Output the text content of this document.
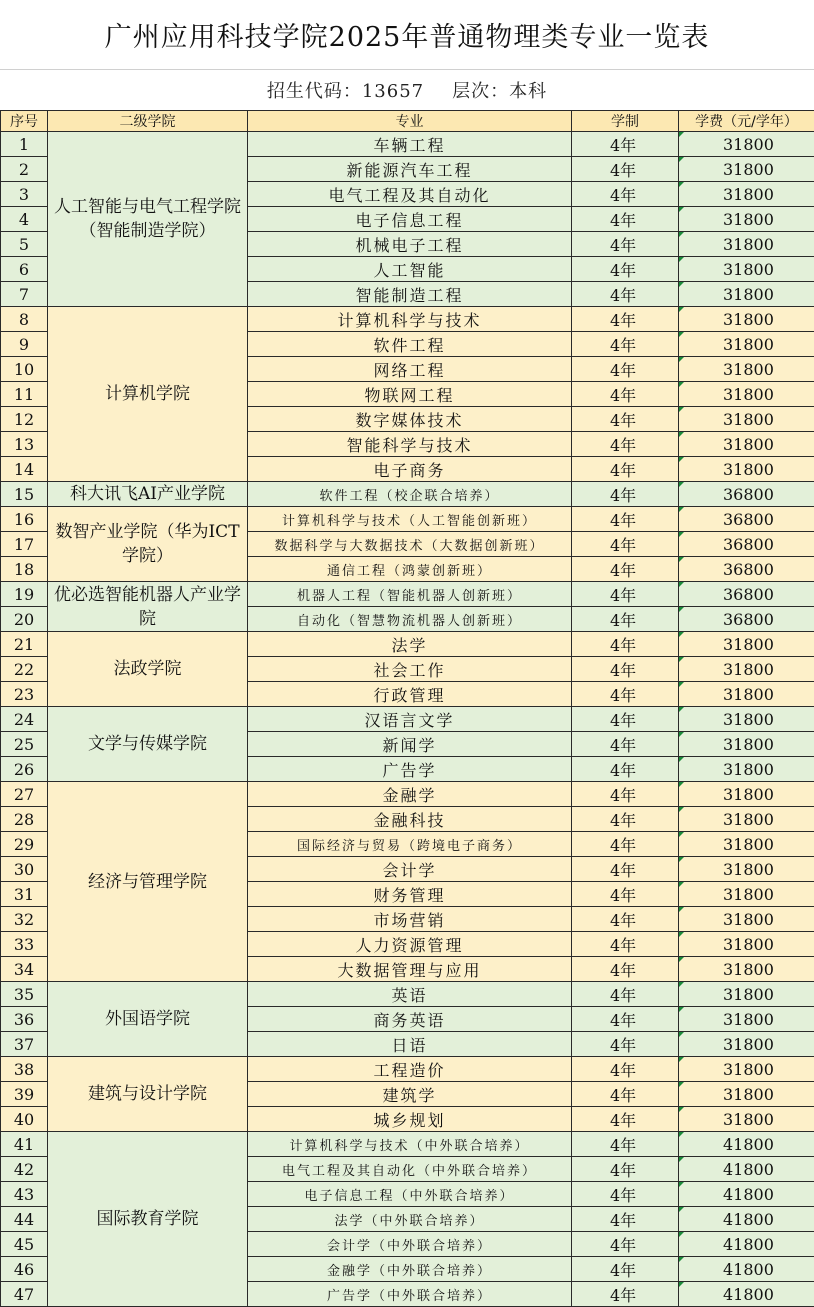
广州应用科技学院2025年普通物理类专业一览表
招生代码：13657 层次：本科
序号	二级学院	专业	学制	学费（元/学年）
1	人工智能与电气工程学院（智能制造学院）	车辆工程	4年	31800
2		新能源汽车工程	4年	31800
3		电气工程及其自动化	4年	31800
4		电子信息工程	4年	31800
5		机械电子工程	4年	31800
6		人工智能	4年	31800
7		智能制造工程	4年	31800
8	计算机学院	计算机科学与技术	4年	31800
9		软件工程	4年	31800
10		网络工程	4年	31800
11		物联网工程	4年	31800
12		数字媒体技术	4年	31800
13		智能科学与技术	4年	31800
14		电子商务	4年	31800
15	科大讯飞AI产业学院	软件工程（校企联合培养）	4年	36800
16	数智产业学院（华为ICT学院）	计算机科学与技术（人工智能创新班）	4年	36800
17		数据科学与大数据技术（大数据创新班）	4年	36800
18		通信工程（鸿蒙创新班）	4年	36800
19	优必选智能机器人产业学院	机器人工程（智能机器人创新班）	4年	36800
20		自动化（智慧物流机器人创新班）	4年	36800
21	法政学院	法学	4年	31800
22		社会工作	4年	31800
23		行政管理	4年	31800
24	文学与传媒学院	汉语言文学	4年	31800
25		新闻学	4年	31800
26		广告学	4年	31800
27	经济与管理学院	金融学	4年	31800
28		金融科技	4年	31800
29		国际经济与贸易（跨境电子商务）	4年	31800
30		会计学	4年	31800
31		财务管理	4年	31800
32		市场营销	4年	31800
33		人力资源管理	4年	31800
34		大数据管理与应用	4年	31800
35	外国语学院	英语	4年	31800
36		商务英语	4年	31800
37		日语	4年	31800
38	建筑与设计学院	工程造价	4年	31800
39		建筑学	4年	31800
40		城乡规划	4年	31800
41	国际教育学院	计算机科学与技术（中外联合培养）	4年	41800
42		电气工程及其自动化（中外联合培养）	4年	41800
43		电子信息工程（中外联合培养）	4年	41800
44		法学（中外联合培养）	4年	41800
45		会计学（中外联合培养）	4年	41800
46		金融学（中外联合培养）	4年	41800
47		广告学（中外联合培养）	4年	41800
